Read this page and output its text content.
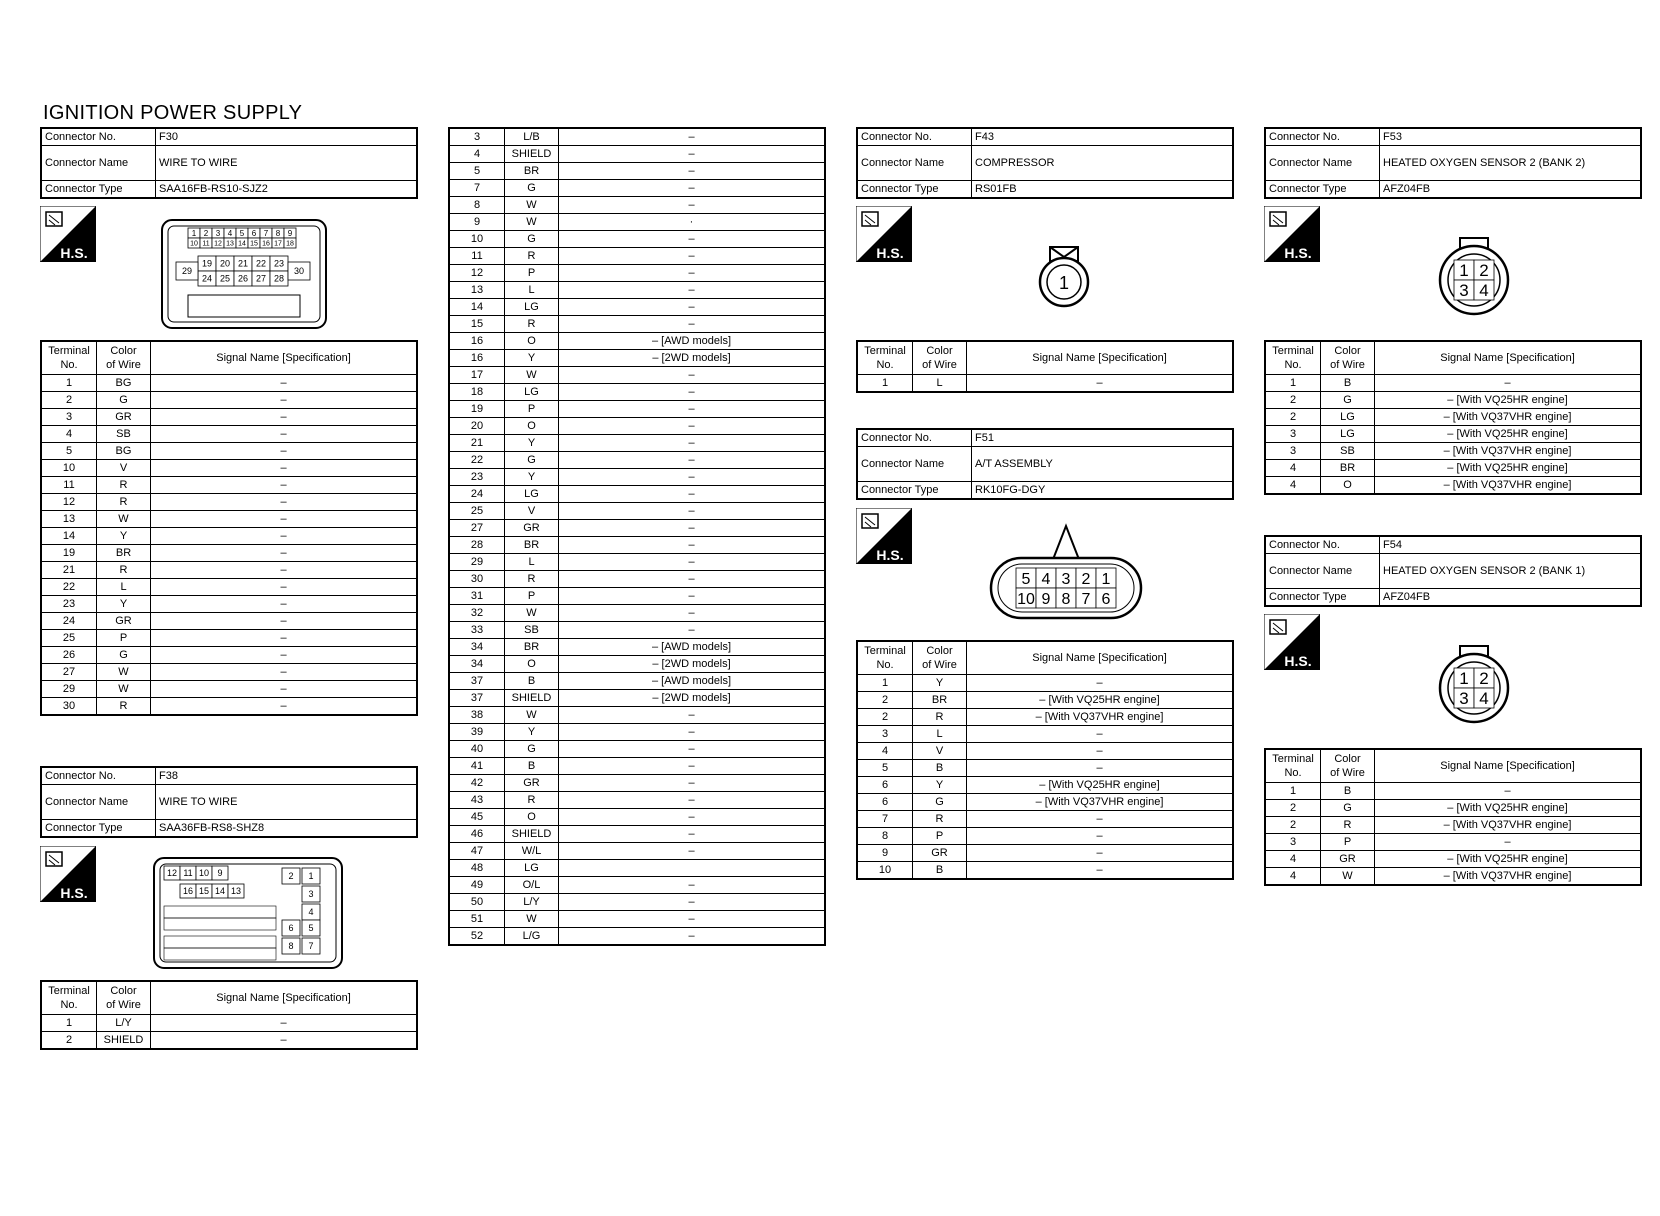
IGNITION POWER SUPPLY
Connector No.	F30
Connector Name	WIRE TO WIRE
Connector Type	SAA16FB-RS10-SJZ2
H.S.
1 2 3 4 5 6 7 8 9
10 11 12 13 14 15 16 17 18
19 20 21 22 23
24 25 26 27 28
29	30
Terminal
No.	Color
of Wire	Signal Name [Specification]
1	BG	–
2	G	–
3	GR	–
4	SB	–
5	BG	–
10	V	–
11	R	–
12	R	–
13	W	–
14	Y	–
19	BR	–
21	R	–
22	L	–
23	Y	–
24	GR	–
25	P	–
26	G	–
27	W	–
29	W	–
30	R	–
Connector No.	F38
Connector Name	WIRE TO WIRE
Connector Type	SAA36FB-RS8-SHZ8
H.S.
12 11 10 9
16 15 14 13
2 1
3
4
6 5
8 7
Terminal
No.	Color
of Wire	Signal Name [Specification]
1	L/Y	–
2	SHIELD	–
3	L/B	–
4	SHIELD	–
5	BR	–
7	G	–
8	W	–
9	W	·
10	G	–
11	R	–
12	P	–
13	L	–
14	LG	–
15	R	–
16	O	– [AWD models]
16	Y	– [2WD models]
17	W	–
18	LG	–
19	P	–
20	O	–
21	Y	–
22	G	–
23	Y	–
24	LG	–
25	V	–
27	GR	–
28	BR	–
29	L	–
30	R	–
31	P	–
32	W	–
33	SB	–
34	BR	– [AWD models]
34	O	– [2WD models]
37	B	– [AWD models]
37	SHIELD	– [2WD models]
38	W	–
39	Y	–
40	G	–
41	B	–
42	GR	–
43	R	–
45	O	–
46	SHIELD	–
47	W/L	–
48	LG	
49	O/L	–
50	L/Y	–
51	W	–
52	L/G	–
Connector No.	F43
Connector Name	COMPRESSOR
Connector Type	RS01FB
H.S.
1
Terminal
No.	Color
of Wire	Signal Name [Specification]
1	L	–
Connector No.	F51
Connector Name	A/T ASSEMBLY
Connector Type	RK10FG-DGY
H.S.
5 4 3 2 1
10 9 8 7 6
Terminal
No.	Color
of Wire	Signal Name [Specification]
1	Y	–
2	BR	– [With VQ25HR engine]
2	R	– [With VQ37VHR engine]
3	L	–
4	V	–
5	B	–
6	Y	– [With VQ25HR engine]
6	G	– [With VQ37VHR engine]
7	R	–
8	P	–
9	GR	–
10	B	–
Connector No.	F53
Connector Name	HEATED OXYGEN SENSOR 2 (BANK 2)
Connector Type	AFZ04FB
H.S.
1 2
3 4
Terminal
No.	Color
of Wire	Signal Name [Specification]
1	B	–
2	G	– [With VQ25HR engine]
2	LG	– [With VQ37VHR engine]
3	LG	– [With VQ25HR engine]
3	SB	– [With VQ37VHR engine]
4	BR	– [With VQ25HR engine]
4	O	– [With VQ37VHR engine]
Connector No.	F54
Connector Name	HEATED OXYGEN SENSOR 2 (BANK 1)
Connector Type	AFZ04FB
H.S.
1 2
3 4
Terminal
No.	Color
of Wire	Signal Name [Specification]
1	B	–
2	G	– [With VQ25HR engine]
2	R	– [With VQ37VHR engine]
3	P	–
4	GR	– [With VQ25HR engine]
4	W	– [With VQ37VHR engine]
